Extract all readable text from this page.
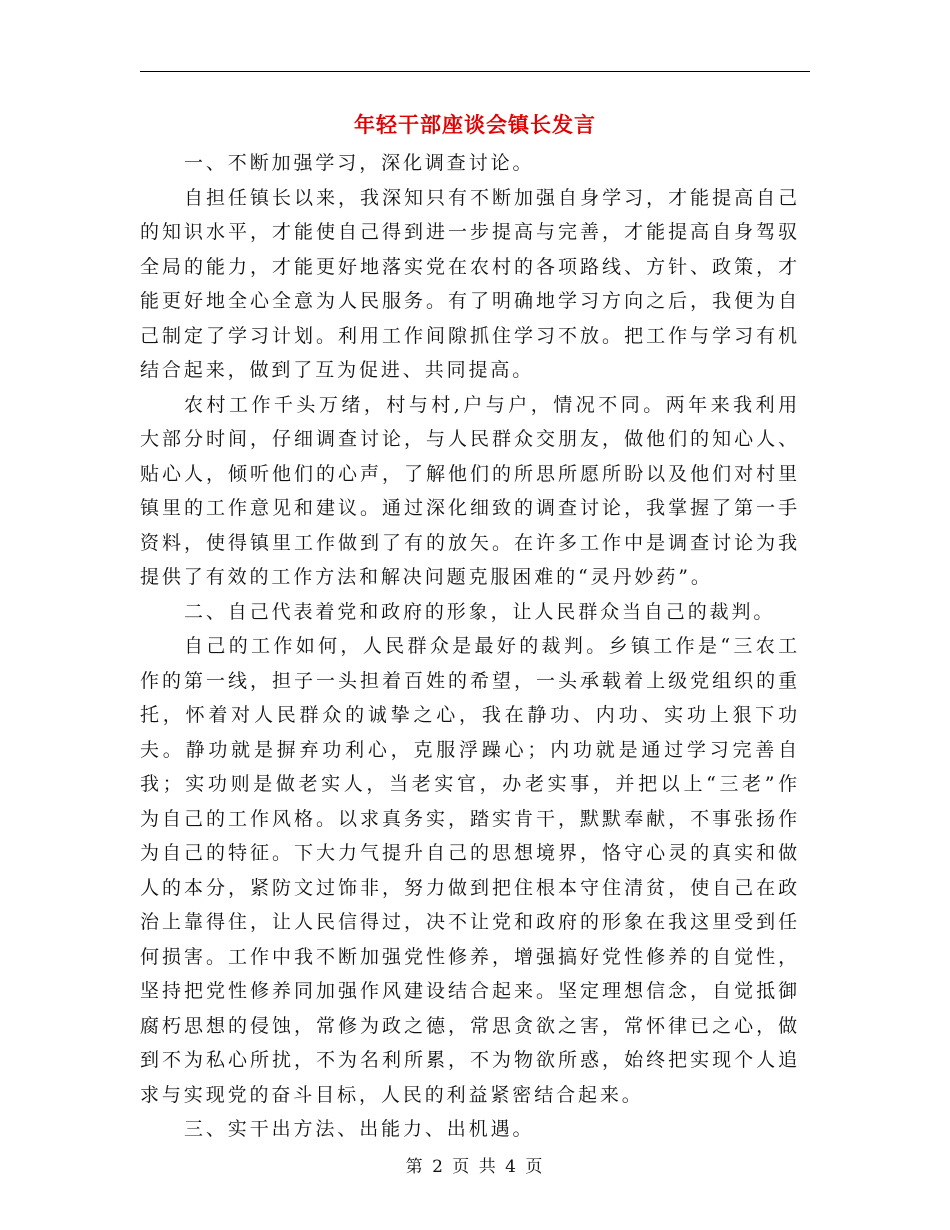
年轻干部座谈会镇长发言

一、不断加强学习，深化调查讨论。

自担任镇长以来，我深知只有不断加强自身学习，才能提高自己的知识水平，才能使自己得到进一步提高与完善，才能提高自身驾驭全局的能力，才能更好地落实党在农村的各项路线、方针、政策，才能更好地全心全意为人民服务。有了明确地学习方向之后，我便为自己制定了学习计划。利用工作间隙抓住学习不放。把工作与学习有机结合起来，做到了互为促进、共同提高。

农村工作千头万绪，村与村,户与户，情况不同。两年来我利用大部分时间，仔细调查讨论，与人民群众交朋友，做他们的知心人、贴心人，倾听他们的心声，了解他们的所思所愿所盼以及他们对村里镇里的工作意见和建议。通过深化细致的调查讨论，我掌握了第一手资料，使得镇里工作做到了有的放矢。在许多工作中是调查讨论为我提供了有效的工作方法和解决问题克服困难的“灵丹妙药”。

二、自己代表着党和政府的形象，让人民群众当自己的裁判。

自己的工作如何，人民群众是最好的裁判。乡镇工作是“三农工作的第一线，担子一头担着百姓的希望，一头承载着上级党组织的重托，怀着对人民群众的诚挚之心，我在静功、内功、实功上狠下功夫。静功就是摒弃功利心，克服浮躁心；内功就是通过学习完善自我；实功则是做老实人，当老实官，办老实事，并把以上“三老”作为自己的工作风格。以求真务实，踏实肯干，默默奉献，不事张扬作为自己的特征。下大力气提升自己的思想境界，恪守心灵的真实和做人的本分，紧防文过饰非，努力做到把住根本守住清贫，使自己在政治上靠得住，让人民信得过，决不让党和政府的形象在我这里受到任何损害。工作中我不断加强党性修养，增强搞好党性修养的自觉性，坚持把党性修养同加强作风建设结合起来。坚定理想信念，自觉抵御腐朽思想的侵蚀，常修为政之德，常思贪欲之害，常怀律已之心，做到不为私心所扰，不为名利所累，不为物欲所惑，始终把实现个人追求与实现党的奋斗目标，人民的利益紧密结合起来。

三、实干出方法、出能力、出机遇。

第 2 页 共 4 页
